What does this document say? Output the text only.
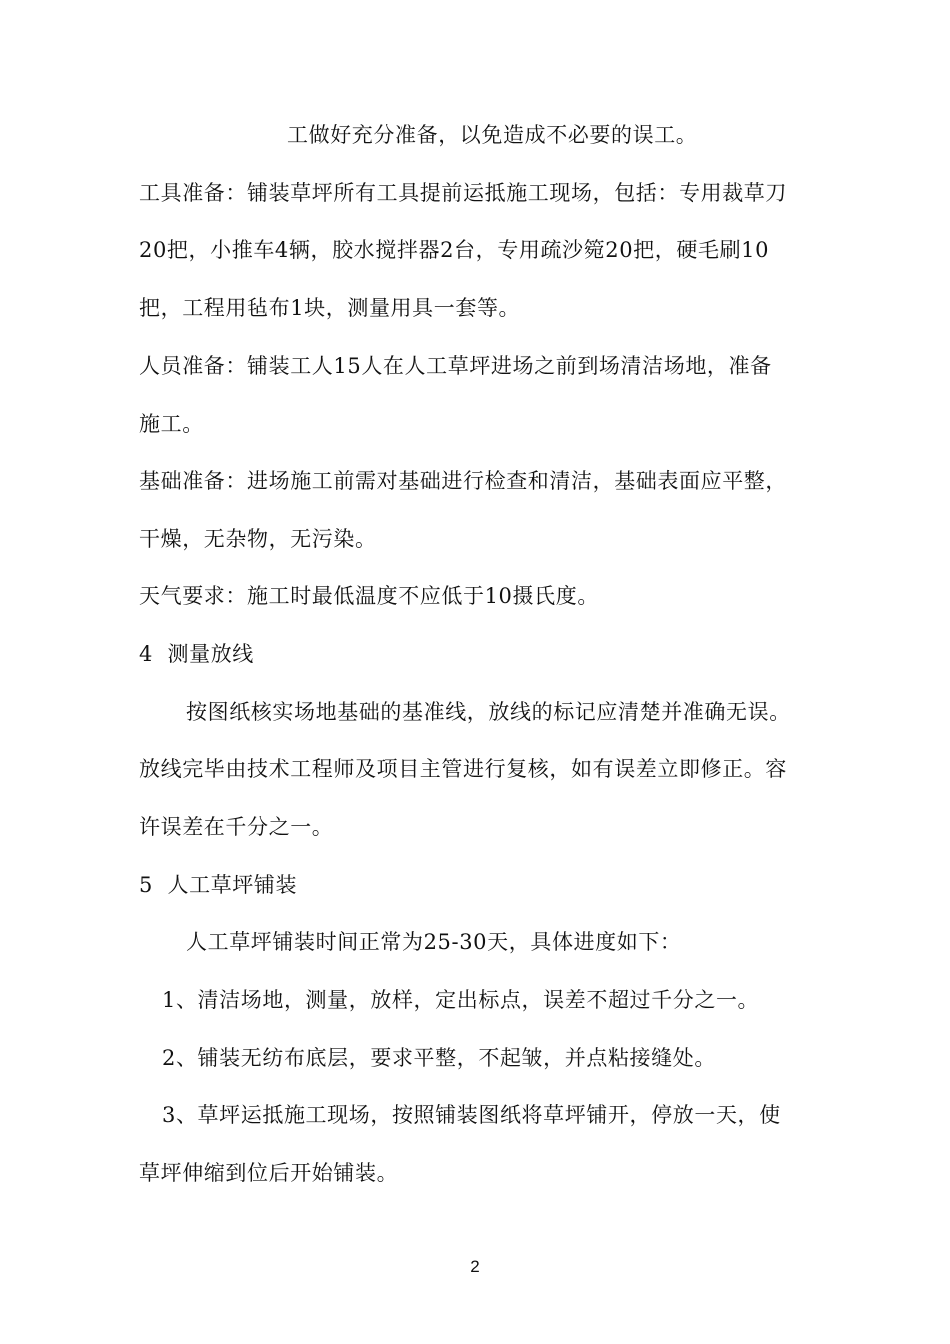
工做好充分准备，以免造成不必要的误工。
工具准备：铺装草坪所有工具提前运抵施工现场，包括：专用裁草刀
20把，小推车4辆，胶水搅拌器2台，专用疏沙箢20把，硬毛刷10
把，工程用毡布1块，测量用具一套等。
人员准备：铺装工人15人在人工草坪进场之前到场清洁场地，准备
施工。
基础准备：进场施工前需对基础进行检查和清洁，基础表面应平整，
干燥，无杂物，无污染。
天气要求：施工时最低温度不应低于10摄氏度。
4  测量放线
按图纸核实场地基础的基准线，放线的标记应清楚并准确无误。
放线完毕由技术工程师及项目主管进行复核，如有误差立即修正。容
许误差在千分之一。
5  人工草坪铺装
人工草坪铺装时间正常为25-30天，具体进度如下：
1、清洁场地，测量，放样，定出标点，误差不超过千分之一。
2、铺装无纺布底层，要求平整，不起皱，并点粘接缝处。
3、草坪运抵施工现场，按照铺装图纸将草坪铺开，停放一天，使
草坪伸缩到位后开始铺装。
2
